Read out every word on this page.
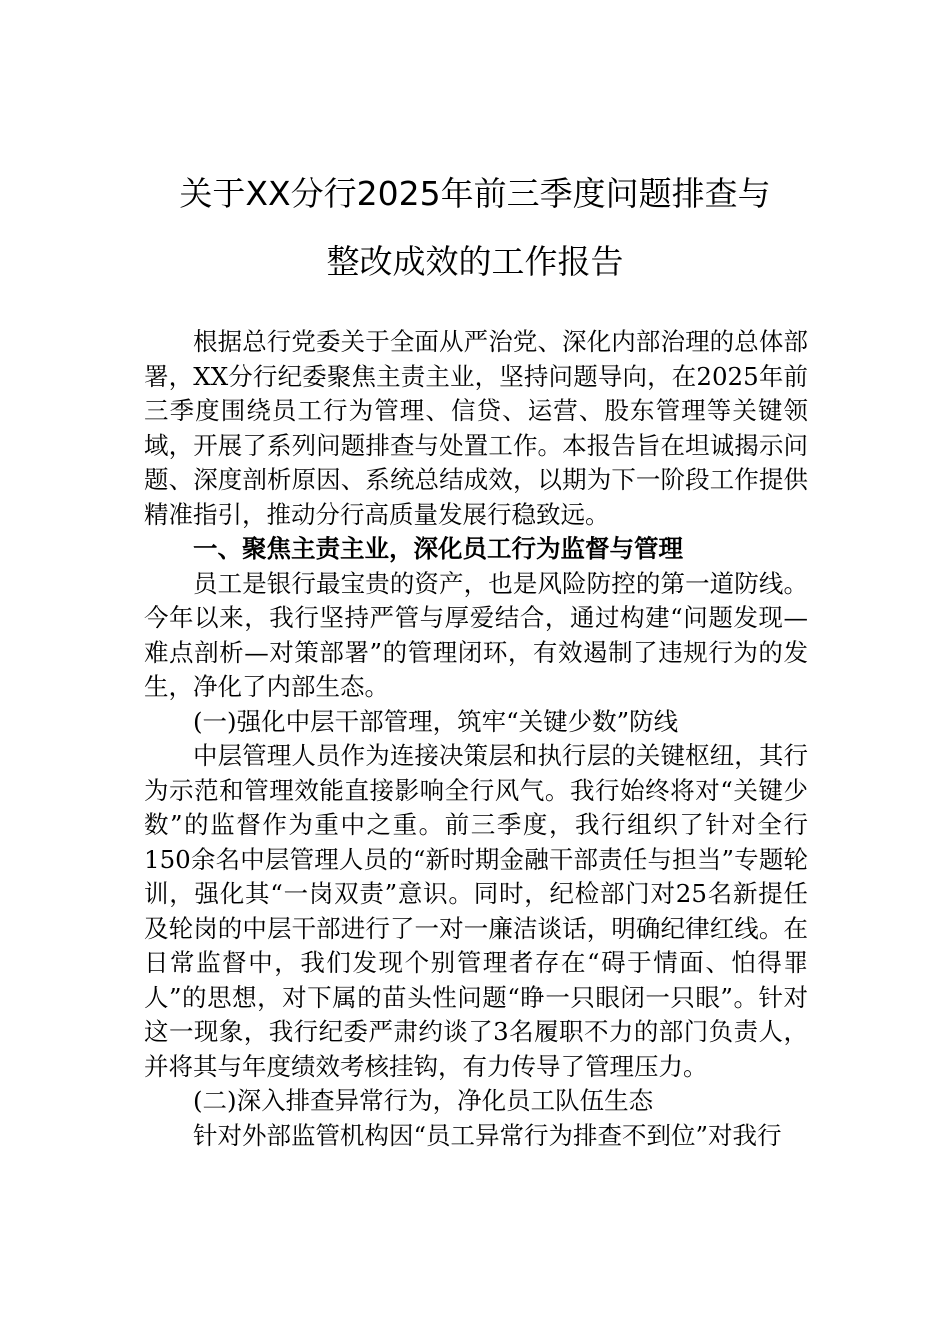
关于XX分行2025年前三季度问题排查与
整改成效的工作报告

根据总行党委关于全面从严治党、深化内部治理的总体部署，XX分行纪委聚焦主责主业，坚持问题导向，在2025年前三季度围绕员工行为管理、信贷、运营、股东管理等关键领域，开展了系列问题排查与处置工作。本报告旨在坦诚揭示问题、深度剖析原因、系统总结成效，以期为下一阶段工作提供精准指引，推动分行高质量发展行稳致远。

一、聚焦主责主业，深化员工行为监督与管理

员工是银行最宝贵的资产，也是风险防控的第一道防线。今年以来，我行坚持严管与厚爱结合，通过构建“问题发现—难点剖析—对策部署”的管理闭环，有效遏制了违规行为的发生，净化了内部生态。

(一)强化中层干部管理，筑牢“关键少数”防线

中层管理人员作为连接决策层和执行层的关键枢纽，其行为示范和管理效能直接影响全行风气。我行始终将对“关键少数”的监督作为重中之重。前三季度，我行组织了针对全行150余名中层管理人员的“新时期金融干部责任与担当”专题轮训，强化其“一岗双责”意识。同时，纪检部门对25名新提任及轮岗的中层干部进行了一对一廉洁谈话，明确纪律红线。在日常监督中，我们发现个别管理者存在“碍于情面、怕得罪人”的思想，对下属的苗头性问题“睁一只眼闭一只眼”。针对这一现象，我行纪委严肃约谈了3名履职不力的部门负责人，并将其与年度绩效考核挂钩，有力传导了管理压力。

(二)深入排查异常行为，净化员工队伍生态

针对外部监管机构因“员工异常行为排查不到位”对我行
